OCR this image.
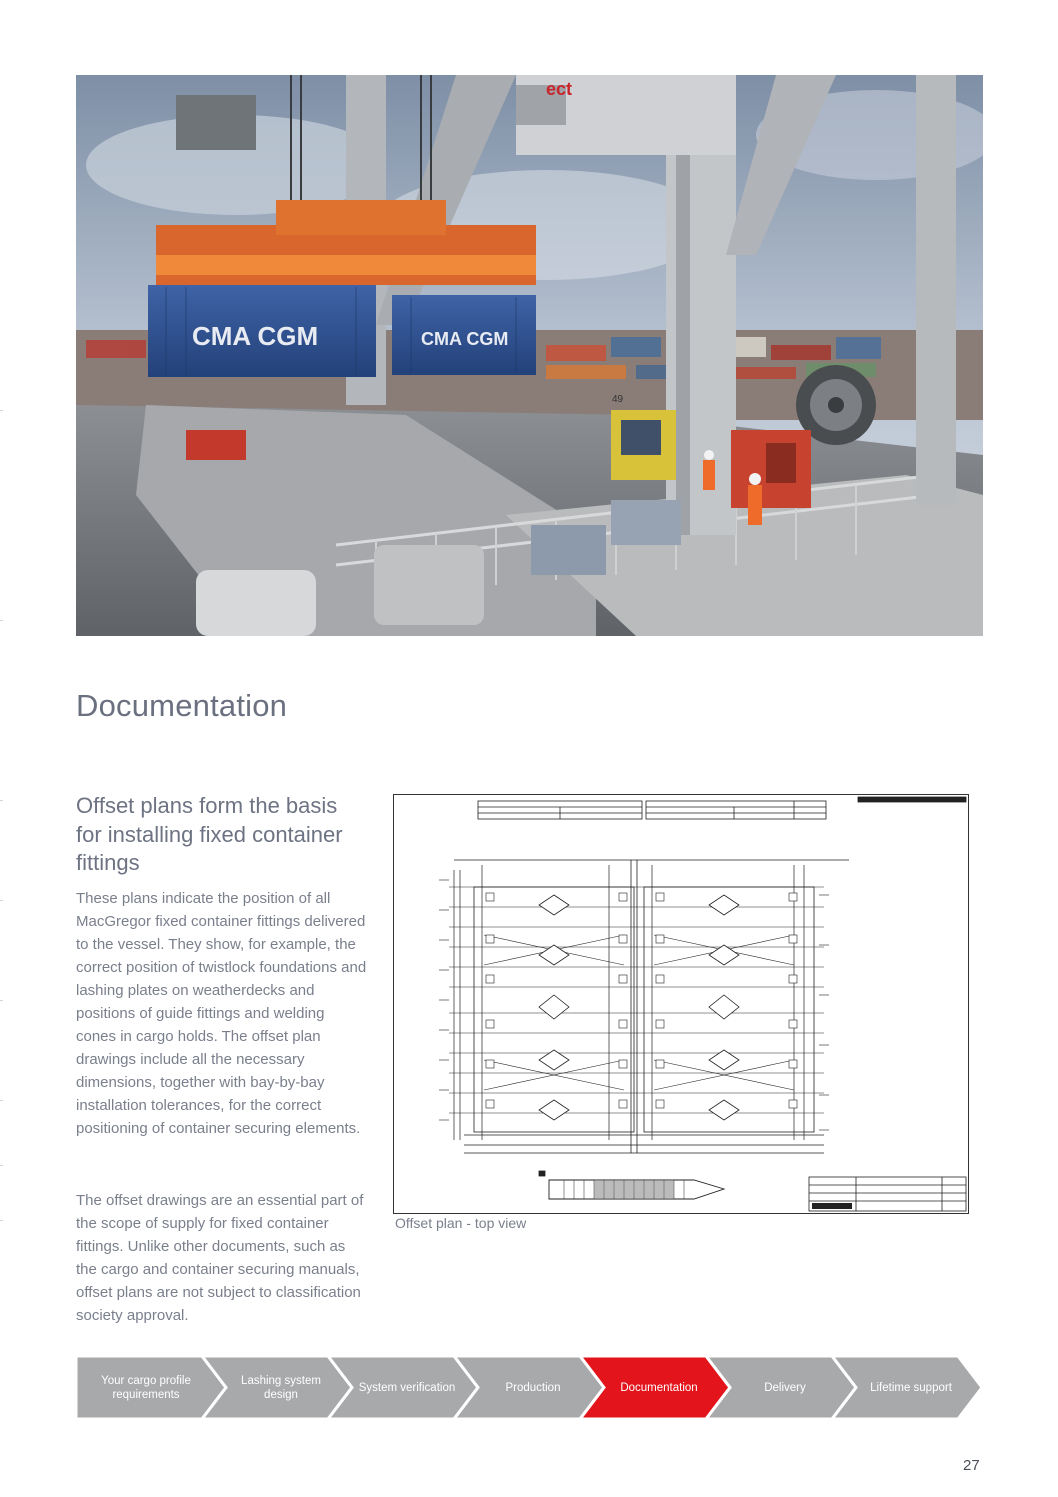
ect
49
CMA CGM	CMA CGM
Documentation
Offset plans form the basis for installing fixed container fittings

These plans indicate the position of all MacGregor fixed container fittings delivered to the vessel. They show, for example, the correct position of twistlock foundations and lashing plates on weatherdecks and positions of guide fittings and welding cones in cargo holds. The offset plan drawings include all the necessary dimensions, together with bay-by-bay installation tolerances, for the correct positioning of container securing elements.

The offset drawings are an essential part of the scope of supply for fixed container fittings. Unlike other documents, such as the cargo and container securing manuals, offset plans are not subject to classification society approval.

Offset plan - top view
Your cargo profile requirements
Lashing system design
System verification	Production	Documentation	Delivery	Lifetime support
27
